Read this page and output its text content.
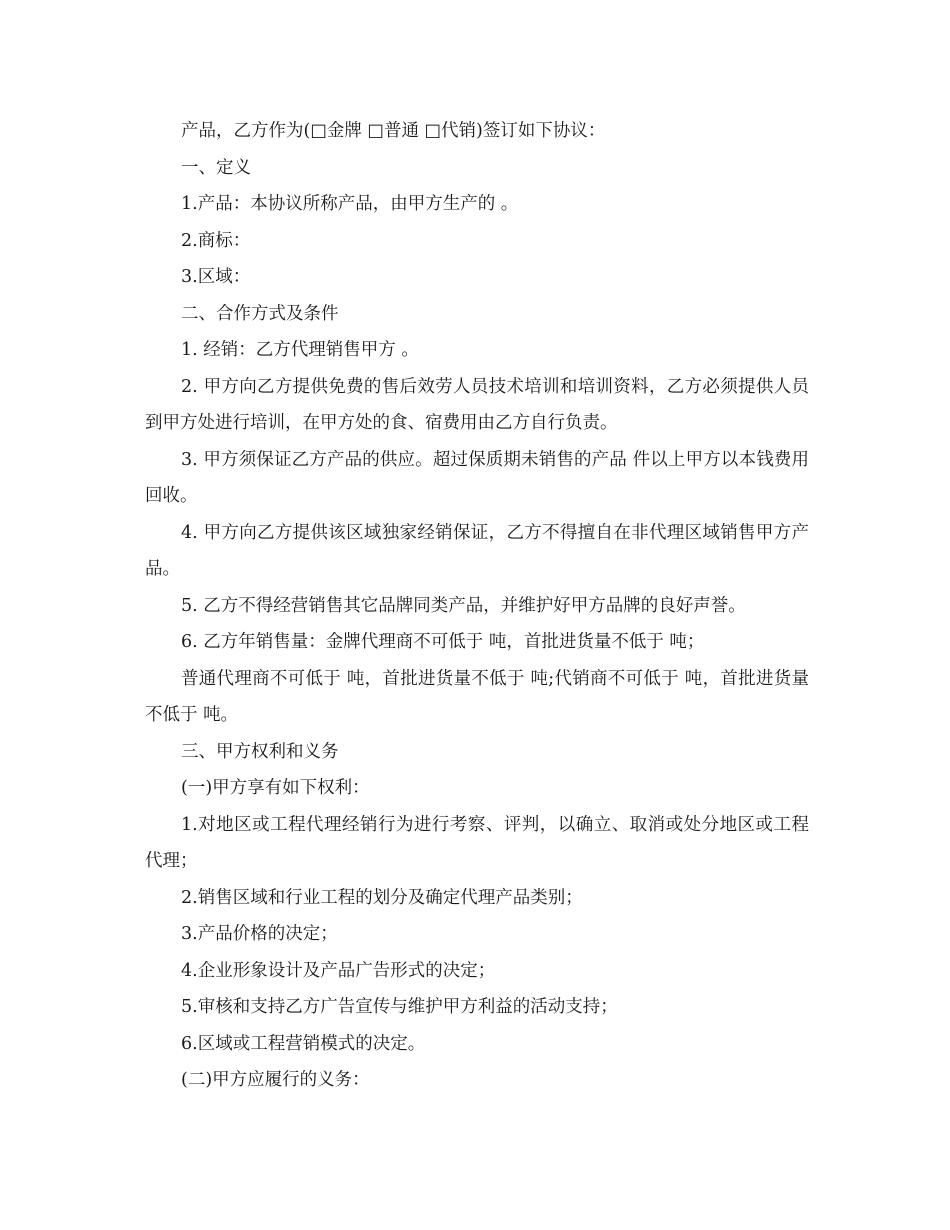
产品，乙方作为(□金牌 □普通 □代销)签订如下协议：

一、定义

1.产品：本协议所称产品，由甲方生产的 。

2.商标：

3.区域：

二、合作方式及条件

1. 经销：乙方代理销售甲方 。

2. 甲方向乙方提供免费的售后效劳人员技术培训和培训资料，乙方必须提供人员到甲方处进行培训，在甲方处的食、宿费用由乙方自行负责。

3. 甲方须保证乙方产品的供应。超过保质期未销售的产品 件以上甲方以本钱费用回收。

4. 甲方向乙方提供该区域独家经销保证，乙方不得擅自在非代理区域销售甲方产品。

5. 乙方不得经营销售其它品牌同类产品，并维护好甲方品牌的良好声誉。

6. 乙方年销售量：金牌代理商不可低于 吨，首批进货量不低于 吨；

普通代理商不可低于 吨，首批进货量不低于 吨;代销商不可低于 吨，首批进货量不低于 吨。

三、甲方权利和义务

(一)甲方享有如下权利：

1.对地区或工程代理经销行为进行考察、评判，以确立、取消或处分地区或工程代理；

2.销售区域和行业工程的划分及确定代理产品类别；

3.产品价格的决定；

4.企业形象设计及产品广告形式的决定；

5.审核和支持乙方广告宣传与维护甲方利益的活动支持；

6.区域或工程营销模式的决定。

(二)甲方应履行的义务：
